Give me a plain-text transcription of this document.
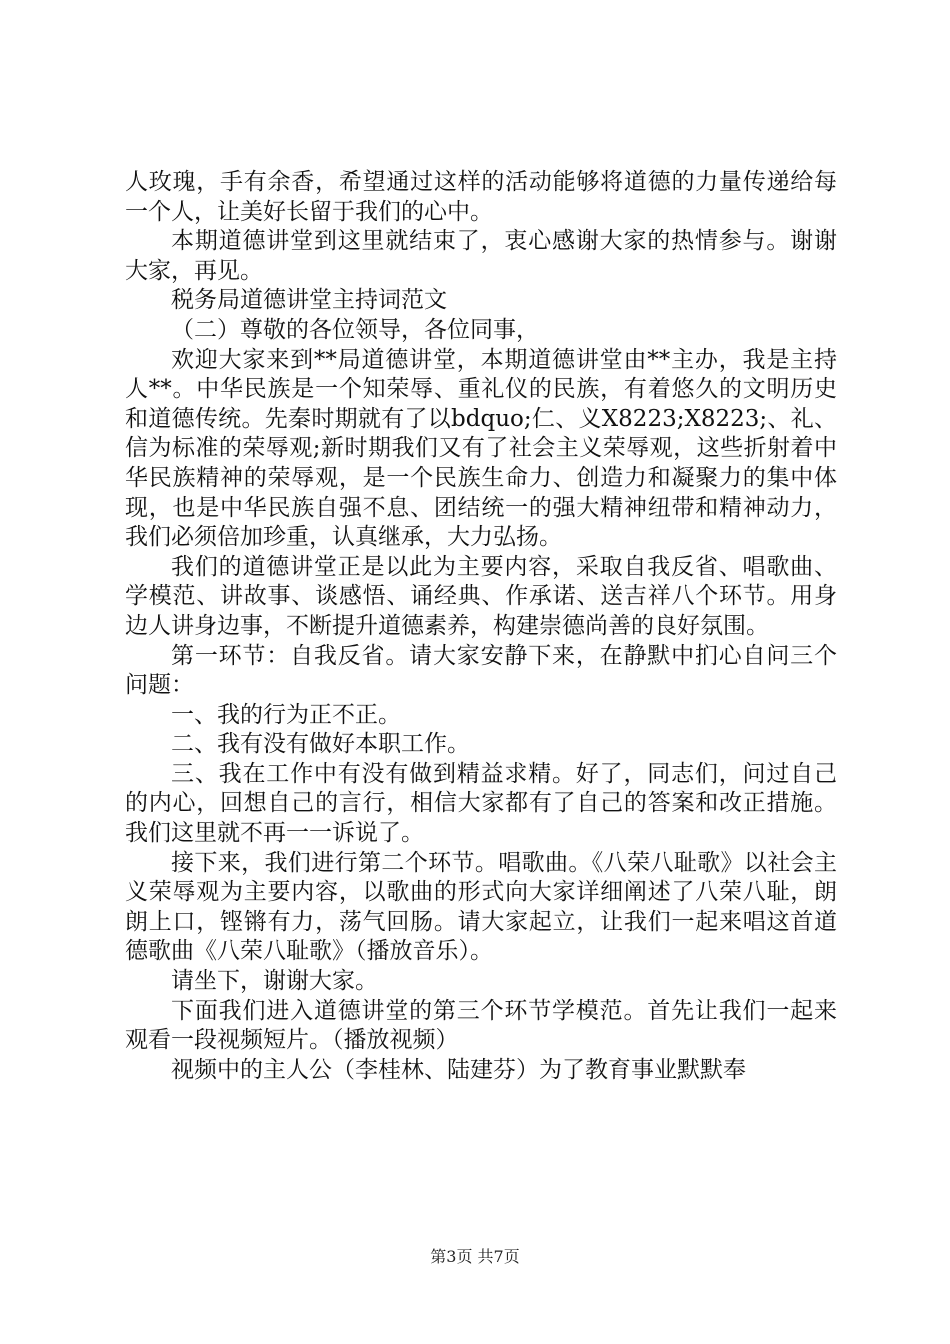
人玫瑰，手有余香，希望通过这样的活动能够将道德的力量传递给每一个人，让美好长留于我们的心中。

本期道德讲堂到这里就结束了，衷心感谢大家的热情参与。谢谢大家，再见。

税务局道德讲堂主持词范文

（二）尊敬的各位领导，各位同事，

欢迎大家来到**局道德讲堂，本期道德讲堂由**主办，我是主持人**。中华民族是一个知荣辱、重礼仪的民族，有着悠久的文明历史和道德传统。先秦时期就有了以bdquo;仁、义X8223;X8223;、礼、信为标准的荣辱观;新时期我们又有了社会主义荣辱观，这些折射着中华民族精神的荣辱观，是一个民族生命力、创造力和凝聚力的集中体现，也是中华民族自强不息、团结统一的强大精神纽带和精神动力，我们必须倍加珍重，认真继承，大力弘扬。

我们的道德讲堂正是以此为主要内容，采取自我反省、唱歌曲、学模范、讲故事、谈感悟、诵经典、作承诺、送吉祥八个环节。用身边人讲身边事，不断提升道德素养，构建崇德尚善的良好氛围。

第一环节：自我反省。请大家安静下来，在静默中扪心自问三个问题：

一、我的行为正不正。

二、我有没有做好本职工作。

三、我在工作中有没有做到精益求精。好了，同志们，问过自己的内心，回想自己的言行，相信大家都有了自己的答案和改正措施。我们这里就不再一一诉说了。

接下来，我们进行第二个环节。唱歌曲。《八荣八耻歌》以社会主义荣辱观为主要内容，以歌曲的形式向大家详细阐述了八荣八耻，朗朗上口，铿锵有力，荡气回肠。请大家起立，让我们一起来唱这首道德歌曲《八荣八耻歌》（播放音乐）。

请坐下，谢谢大家。

下面我们进入道德讲堂的第三个环节学模范。首先让我们一起来观看一段视频短片。（播放视频）

视频中的主人公（李桂林、陆建芬）为了教育事业默默奉

第3页 共7页
